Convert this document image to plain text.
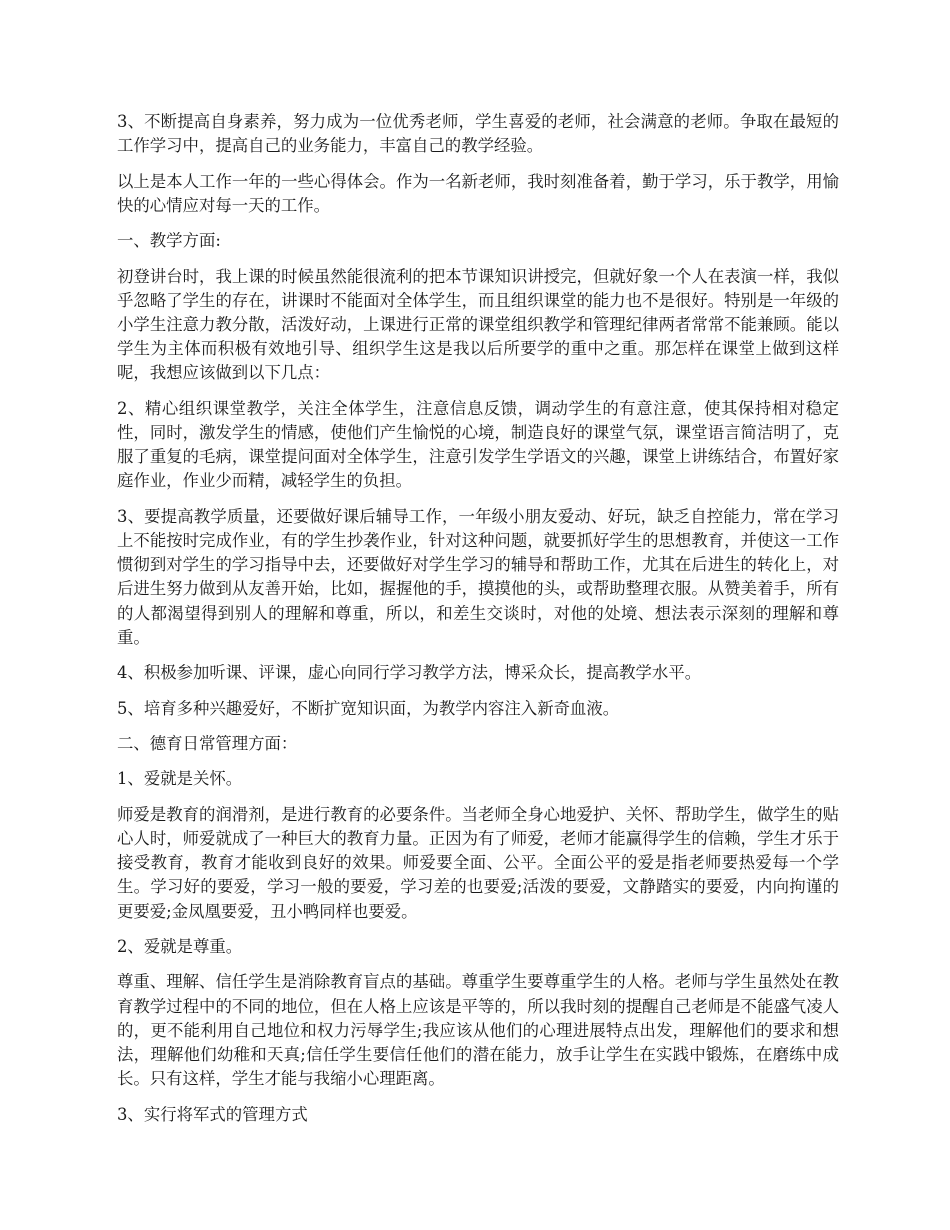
3、不断提高自身素养，努力成为一位优秀老师，学生喜爱的老师，社会满意的老师。争取在最短的工作学习中，提高自己的业务能力，丰富自己的教学经验。

以上是本人工作一年的一些心得体会。作为一名新老师，我时刻准备着，勤于学习，乐于教学，用愉快的心情应对每一天的工作。

一、教学方面:

初登讲台时，我上课的时候虽然能很流利的把本节课知识讲授完，但就好象一个人在表演一样，我似乎忽略了学生的存在，讲课时不能面对全体学生，而且组织课堂的能力也不是很好。特别是一年级的小学生注意力教分散，活泼好动，上课进行正常的课堂组织教学和管理纪律两者常常不能兼顾。能以学生为主体而积极有效地引导、组织学生这是我以后所要学的重中之重。那怎样在课堂上做到这样呢，我想应该做到以下几点：

2、精心组织课堂教学，关注全体学生，注意信息反馈，调动学生的有意注意，使其保持相对稳定性，同时，激发学生的情感，使他们产生愉悦的心境，制造良好的课堂气氛，课堂语言简洁明了，克服了重复的毛病，课堂提问面对全体学生，注意引发学生学语文的兴趣，课堂上讲练结合，布置好家庭作业，作业少而精，减轻学生的负担。

3、要提高教学质量，还要做好课后辅导工作，一年级小朋友爱动、好玩，缺乏自控能力，常在学习上不能按时完成作业，有的学生抄袭作业，针对这种问题，就要抓好学生的思想教育，并使这一工作惯彻到对学生的学习指导中去，还要做好对学生学习的辅导和帮助工作，尤其在后进生的转化上，对后进生努力做到从友善开始，比如，握握他的手，摸摸他的头，或帮助整理衣服。从赞美着手，所有的人都渴望得到别人的理解和尊重，所以，和差生交谈时，对他的处境、想法表示深刻的理解和尊重。

4、积极参加听课、评课，虚心向同行学习教学方法，博采众长，提高教学水平。

5、培育多种兴趣爱好，不断扩宽知识面，为教学内容注入新奇血液。

二、德育日常管理方面：

1、爱就是关怀。

师爱是教育的润滑剂，是进行教育的必要条件。当老师全身心地爱护、关怀、帮助学生，做学生的贴心人时，师爱就成了一种巨大的教育力量。正因为有了师爱，老师才能赢得学生的信赖，学生才乐于接受教育，教育才能收到良好的效果。师爱要全面、公平。全面公平的爱是指老师要热爱每一个学生。学习好的要爱，学习一般的要爱，学习差的也要爱;活泼的要爱，文静踏实的要爱，内向拘谨的更要爱;金凤凰要爱，丑小鸭同样也要爱。

2、爱就是尊重。

尊重、理解、信任学生是消除教育盲点的基础。尊重学生要尊重学生的人格。老师与学生虽然处在教育教学过程中的不同的地位，但在人格上应该是平等的，所以我时刻的提醒自己老师是不能盛气凌人的，更不能利用自己地位和权力污辱学生;我应该从他们的心理进展特点出发，理解他们的要求和想法，理解他们幼稚和天真;信任学生要信任他们的潜在能力，放手让学生在实践中锻炼，在磨练中成长。只有这样，学生才能与我缩小心理距离。

3、实行将军式的管理方式
